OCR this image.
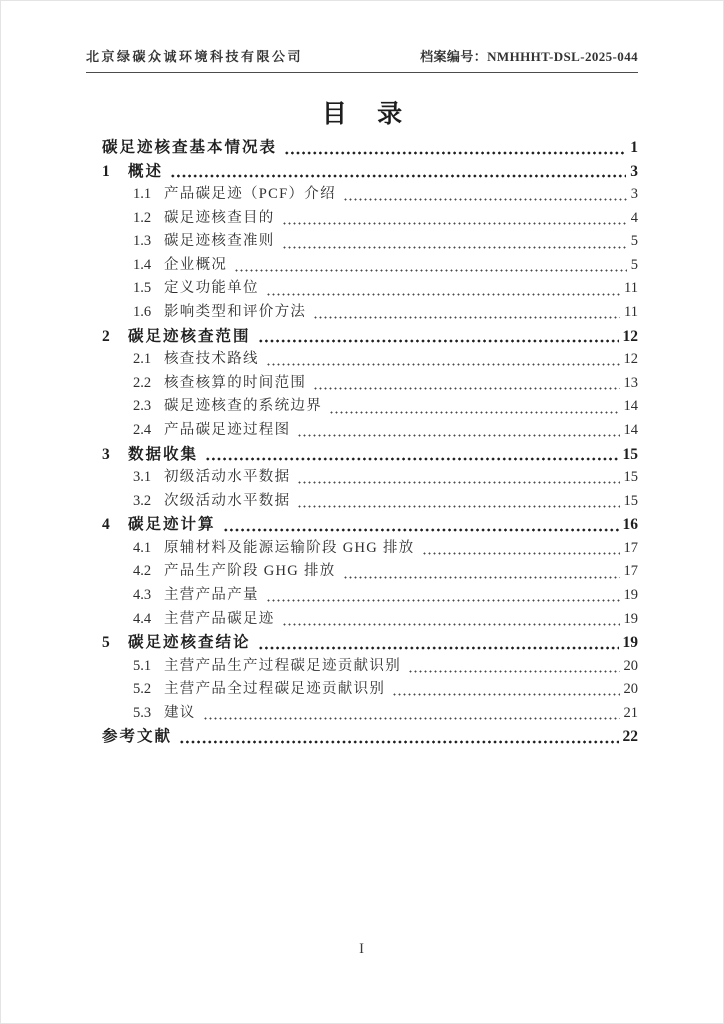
北京绿碳众诚环境科技有限公司	档案编号：NMHHHT-DSL-2025-044
目 录
碳足迹核查基本情况表	1
1	概述	3
1.1 产品碳足迹（PCF）介绍	3
1.2 碳足迹核查目的	4
1.3 碳足迹核查准则	5
1.4 企业概况	5
1.5 定义功能单位	11
1.6 影响类型和评价方法	11
2	碳足迹核查范围	12
2.1 核查技术路线	12
2.2 核查核算的时间范围	13
2.3 碳足迹核查的系统边界	14
2.4 产品碳足迹过程图	14
3	数据收集	15
3.1 初级活动水平数据	15
3.2 次级活动水平数据	15
4	碳足迹计算	16
4.1 原辅材料及能源运输阶段 GHG 排放	17
4.2 产品生产阶段 GHG 排放	17
4.3 主营产品产量	19
4.4 主营产品碳足迹	19
5	碳足迹核查结论	19
5.1 主营产品生产过程碳足迹贡献识别	20
5.2 主营产品全过程碳足迹贡献识别	20
5.3 建议	21
参考文献	22
I
